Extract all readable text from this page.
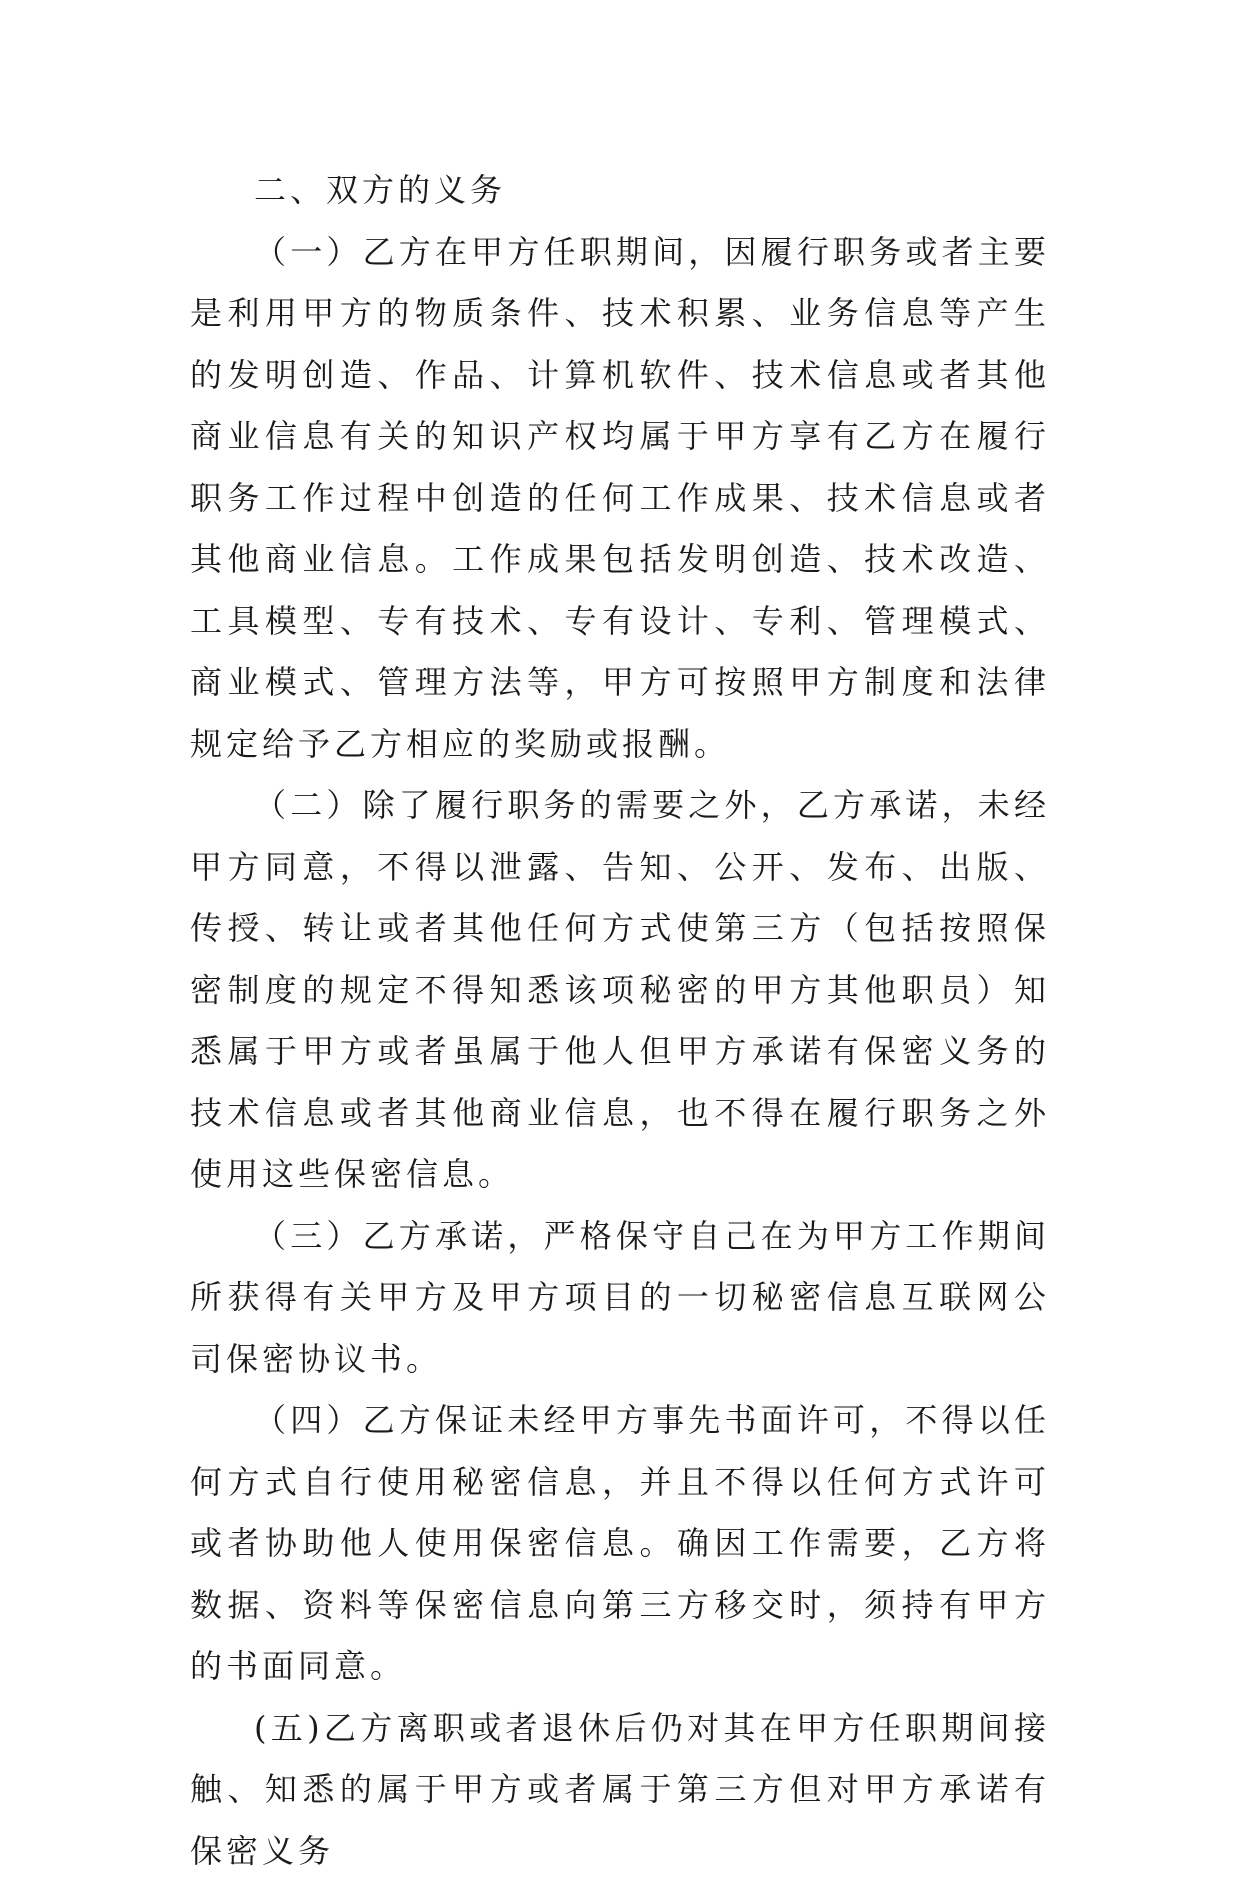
二、双方的义务

（一）乙方在甲方任职期间，因履行职务或者主要是利用甲方的物质条件、技术积累、业务信息等产生的发明创造、作品、计算机软件、技术信息或者其他商业信息有关的知识产权均属于甲方享有乙方在履行职务工作过程中创造的任何工作成果、技术信息或者其他商业信息。工作成果包括发明创造、技术改造、工具模型、专有技术、专有设计、专利、管理模式、商业模式、管理方法等，甲方可按照甲方制度和法律规定给予乙方相应的奖励或报酬。

（二）除了履行职务的需要之外，乙方承诺，未经甲方同意，不得以泄露、告知、公开、发布、出版、传授、转让或者其他任何方式使第三方（包括按照保密制度的规定不得知悉该项秘密的甲方其他职员）知悉属于甲方或者虽属于他人但甲方承诺有保密义务的技术信息或者其他商业信息，也不得在履行职务之外使用这些保密信息。

（三）乙方承诺，严格保守自己在为甲方工作期间所获得有关甲方及甲方项目的一切秘密信息互联网公司保密协议书。

（四）乙方保证未经甲方事先书面许可，不得以任何方式自行使用秘密信息，并且不得以任何方式许可或者协助他人使用保密信息。确因工作需要，乙方将数据、资料等保密信息向第三方移交时，须持有甲方的书面同意。

(五)乙方离职或者退休后仍对其在甲方任职期间接触、知悉的属于甲方或者属于第三方但对甲方承诺有保密义务
